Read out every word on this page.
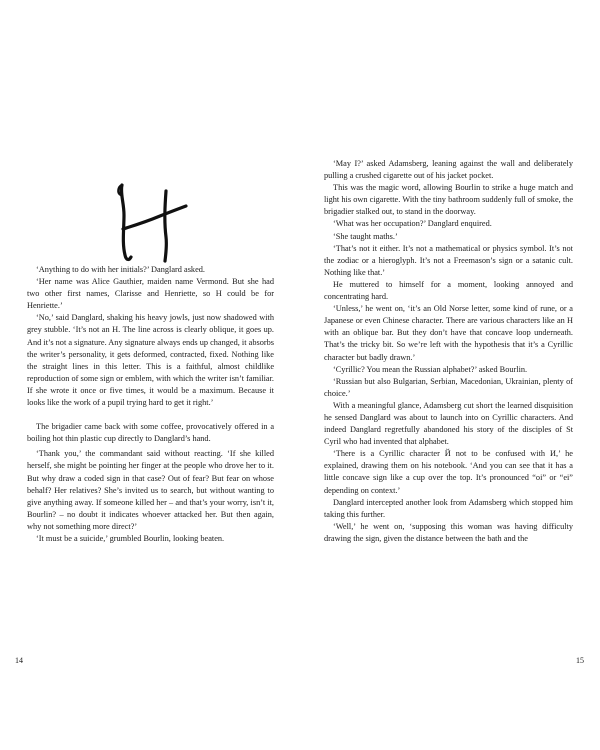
‘Anything to do with her initials?’ Danglard asked.

‘Her name was Alice Gauthier, maiden name Vermond. But she had two other first names, Clarisse and Henriette, so H could be for Henriette.’

‘No,’ said Danglard, shaking his heavy jowls, just now shadowed with grey stubble. ‘It’s not an H. The line across is clearly oblique, it goes up. And it’s not a signature. Any signature always ends up changed, it absorbs the writer’s personality, it gets deformed, contracted, fixed. Nothing like the straight lines in this letter. This is a faithful, almost childlike reproduction of some sign or emblem, with which the writer isn’t familiar. If she wrote it once or five times, it would be a maximum. Because it looks like the work of a pupil trying hard to get it right.’

The brigadier came back with some coffee, provocatively offered in a boiling hot thin plastic cup directly to Danglard’s hand.

‘Thank you,’ the commandant said without reacting. ‘If she killed herself, she might be pointing her finger at the people who drove her to it. But why draw a coded sign in that case? Out of fear? But fear on whose behalf? Her relatives? She’s invited us to search, but without wanting to give anything away. If someone killed her – and that’s your worry, isn’t it, Bourlin? – no doubt it indicates whoever attacked her. But then again, why not something more direct?’

‘It must be a suicide,’ grumbled Bourlin, looking beaten.

14

‘May I?’ asked Adamsberg, leaning against the wall and deliberately pulling a crushed cigarette out of his jacket pocket.

This was the magic word, allowing Bourlin to strike a huge match and light his own cigarette. With the tiny bathroom suddenly full of smoke, the brigadier stalked out, to stand in the doorway.

‘What was her occupation?’ Danglard enquired.

‘She taught maths.’

‘That’s not it either. It’s not a mathematical or physics symbol. It’s not the zodiac or a hieroglyph. It’s not a Freemason’s sign or a satanic cult. Nothing like that.’

He muttered to himself for a moment, looking annoyed and concentrating hard.

‘Unless,’ he went on, ‘it’s an Old Norse letter, some kind of rune, or a Japanese or even Chinese character. There are various characters like an H with an oblique bar. But they don’t have that concave loop underneath. That’s the tricky bit. So we’re left with the hypothesis that it’s a Cyrillic character but badly drawn.’

‘Cyrillic? You mean the Russian alphabet?’ asked Bourlin.

‘Russian but also Bulgarian, Serbian, Macedonian, Ukrainian, plenty of choice.’

With a meaningful glance, Adamsberg cut short the learned disquisition he sensed Danglard was about to launch into on Cyrillic characters. And indeed Danglard regretfully abandoned his story of the disciples of St Cyril who had invented that alphabet.

‘There is a Cyrillic character Й not to be confused with И,’ he explained, drawing them on his notebook. ‘And you can see that it has a little concave sign like a cup over the top. It’s pronounced “oi” or “ei” depending on context.’

Danglard intercepted another look from Adamsberg which stopped him taking this further.

‘Well,’ he went on, ‘supposing this woman was having difficulty drawing the sign, given the distance between the bath and the

15
